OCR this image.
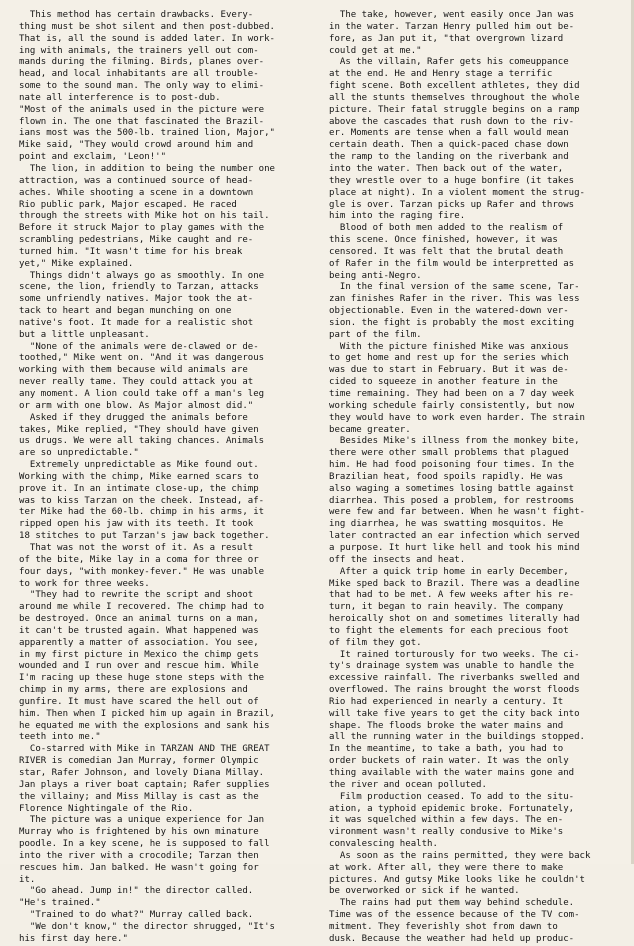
This method has certain drawbacks. Every-
thing must be shot silent and then post-dubbed.
That is, all the sound is added later. In work-
ing with animals, the trainers yell out com-
mands during the filming. Birds, planes over-
head, and local inhabitants are all trouble-
some to the sound man. The only way to elimi-
nate all interference is to post-dub.
"Most of the animals used in the picture were
flown in. The one that fascinated the Brazil-
ians most was the 500-lb. trained lion, Major,"
Mike said, "They would crowd around him and
point and exclaim, 'Leon!'"
The lion, in addition to being the number one
attraction, was a continued source of head-
aches. While shooting a scene in a downtown
Rio public park, Major escaped. He raced
through the streets with Mike hot on his tail.
Before it struck Major to play games with the
scrambling pedestrians, Mike caught and re-
turned him. "It wasn't time for his break
yet," Mike explained.
Things didn't always go as smoothly. In one
scene, the lion, friendly to Tarzan, attacks
some unfriendly natives. Major took the at-
tack to heart and began munching on one
native's foot. It made for a realistic shot
but a little unpleasant.
"None of the animals were de-clawed or de-
toothed," Mike went on. "And it was dangerous
working with them because wild animals are
never really tame. They could attack you at
any moment. A lion could take off a man's leg
or arm with one blow. As Major almost did."
Asked if they drugged the animals before
takes, Mike replied, "They should have given
us drugs. We were all taking chances. Animals
are so unpredictable."
Extremely unpredictable as Mike found out.
Working with the chimp, Mike earned scars to
prove it. In an intimate close-up, the chimp
was to kiss Tarzan on the cheek. Instead, af-
ter Mike had the 60-lb. chimp in his arms, it
ripped open his jaw with its teeth. It took
18 stitches to put Tarzan's jaw back together.
That was not the worst of it. As a result
of the bite, Mike lay in a coma for three or
four days, "with monkey-fever." He was unable
to work for three weeks.
"They had to rewrite the script and shoot
around me while I recovered. The chimp had to
be destroyed. Once an animal turns on a man,
it can't be trusted again. What happened was
apparently a matter of association. You see,
in my first picture in Mexico the chimp gets
wounded and I run over and rescue him. While
I'm racing up these huge stone steps with the
chimp in my arms, there are explosions and
gunfire. It must have scared the hell out of
him. Then when I picked him up again in Brazil,
he equated me with the explosions and sank his
teeth into me."
Co-starred with Mike in TARZAN AND THE GREAT
RIVER is comedian Jan Murray, former Olympic
star, Rafer Johnson, and lovely Diana Millay.
Jan plays a river boat captain; Rafer supplies
the villainy; and Miss Millay is cast as the
Florence Nightingale of the Rio.
The picture was a unique experience for Jan
Murray who is frightened by his own minature
poodle. In a key scene, he is supposed to fall
into the river with a crocodile; Tarzan then
rescues him. Jan balked. He wasn't going for
it.
"Go ahead. Jump in!" the director called.
"He's trained."
"Trained to do what?" Murray called back.
"We don't know," the director shrugged, "It's
his first day here."
The take, however, went easily once Jan was
in the water. Tarzan Henry pulled him out be-
fore, as Jan put it, "that overgrown lizard
could get at me."
As the villain, Rafer gets his comeuppance
at the end. He and Henry stage a terrific
fight scene. Both excellent athletes, they did
all the stunts themselves throughout the whole
picture. Their fatal struggle begins on a ramp
above the cascades that rush down to the riv-
er. Moments are tense when a fall would mean
certain death. Then a quick-paced chase down
the ramp to the landing on the riverbank and
into the water. Then back out of the water,
they wrestle over to a huge bonfire (it takes
place at night). In a violent moment the strug-
gle is over. Tarzan picks up Rafer and throws
him into the raging fire.
Blood of both men added to the realism of
this scene. Once finished, however, it was
censored. It was felt that the brutal death
of Rafer in the film would be interpretted as
being anti-Negro.
In the final version of the same scene, Tar-
zan finishes Rafer in the river. This was less
objectionable. Even in the watered-down ver-
sion. the fight is probably the most exciting
part of the film.
With the picture finished Mike was anxious
to get home and rest up for the series which
was due to start in February. But it was de-
cided to squeeze in another feature in the
time remaining. They had been on a 7 day week
working schedule fairly consistently, but now
they would have to work even harder. The strain
became greater.
Besides Mike's illness from the monkey bite,
there were other small problems that plagued
him. He had food poisoning four times. In the
Brazilian heat, food spoils rapidly. He was
also waging a sometimes losing battle against
diarrhea. This posed a problem, for restrooms
were few and far between. When he wasn't fight-
ing diarrhea, he was swatting mosquitos. He
later contracted an ear infection which served
a purpose. It hurt like hell and took his mind
off the insects and heat.
After a quick trip home in early December,
Mike sped back to Brazil. There was a deadline
that had to be met. A few weeks after his re-
turn, it began to rain heavily. The company
heroically shot on and sometimes literally had
to fight the elements for each precious foot
of film they got.
It rained torturously for two weeks. The ci-
ty's drainage system was unable to handle the
excessive rainfall. The riverbanks swelled and
overflowed. The rains brought the worst floods
Rio had experienced in nearly a century. It
will take five years to get the city back into
shape. The floods broke the water mains and
all the running water in the buildings stopped.
In the meantime, to take a bath, you had to
order buckets of rain water. It was the only
thing available with the water mains gone and
the river and ocean polluted.
Film production ceased. To add to the situ-
ation, a typhoid epidemic broke. Fortunately,
it was squelched within a few days. The en-
vironment wasn't really condusive to Mike's
convalescing health.
As soon as the rains permitted, they were back
at work. After all, they were there to make
pictures. And gutsy Mike looks like he couldn't
be overworked or sick if he wanted.
The rains had put them way behind schedule.
Time was of the essence because of the TV com-
mitment. They feverishly shot from dawn to
dusk. Because the weather had held up produc-
